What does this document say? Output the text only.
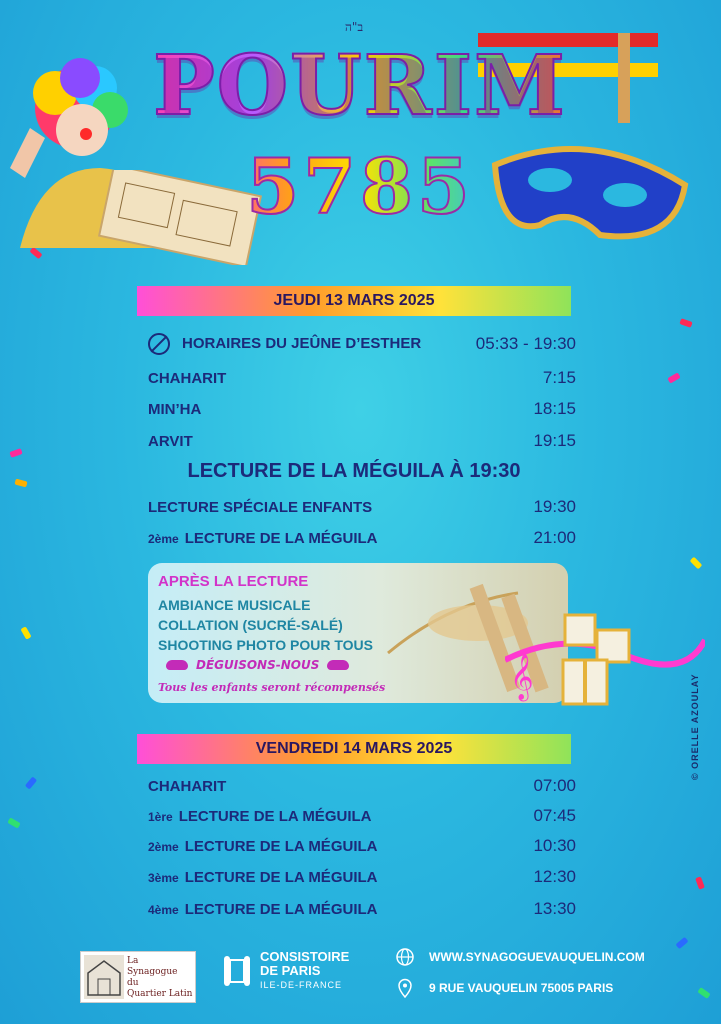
ב"ה
POURIM
5785
JEUDI 13 MARS 2025
HORAIRES DU JEÛNE D’ESTHER	05:33 - 19:30
CHAHARIT	7:15
MIN’HA	18:15
ARVIT	19:15
LECTURE DE LA MÉGUILA À 19:30
LECTURE SPÉCIALE ENFANTS	19:30
2ème LECTURE DE LA MÉGUILA	21:00
APRÈS LA LECTURE
AMBIANCE MUSICALE
COLLATION (SUCRÉ-SALÉ)
SHOOTING PHOTO POUR TOUS
DÉGUISONS-NOUS
Tous les enfants seront récompensés	𝄞	© ORELLE AZOULAY
VENDREDI 14 MARS 2025
CHAHARIT	07:00
1ère LECTURE DE LA MÉGUILA	07:45
2ème LECTURE DE LA MÉGUILA	10:30
3ème LECTURE DE LA MÉGUILA	12:30
4ème LECTURE DE LA MÉGUILA	13:30
La
Synagogue
du
Quartier Latin
CONSISTOIRE
DE PARIS
ILE-DE-FRANCE
WWW.SYNAGOGUEVAUQUELIN.COM
9 RUE VAUQUELIN 75005 PARIS
